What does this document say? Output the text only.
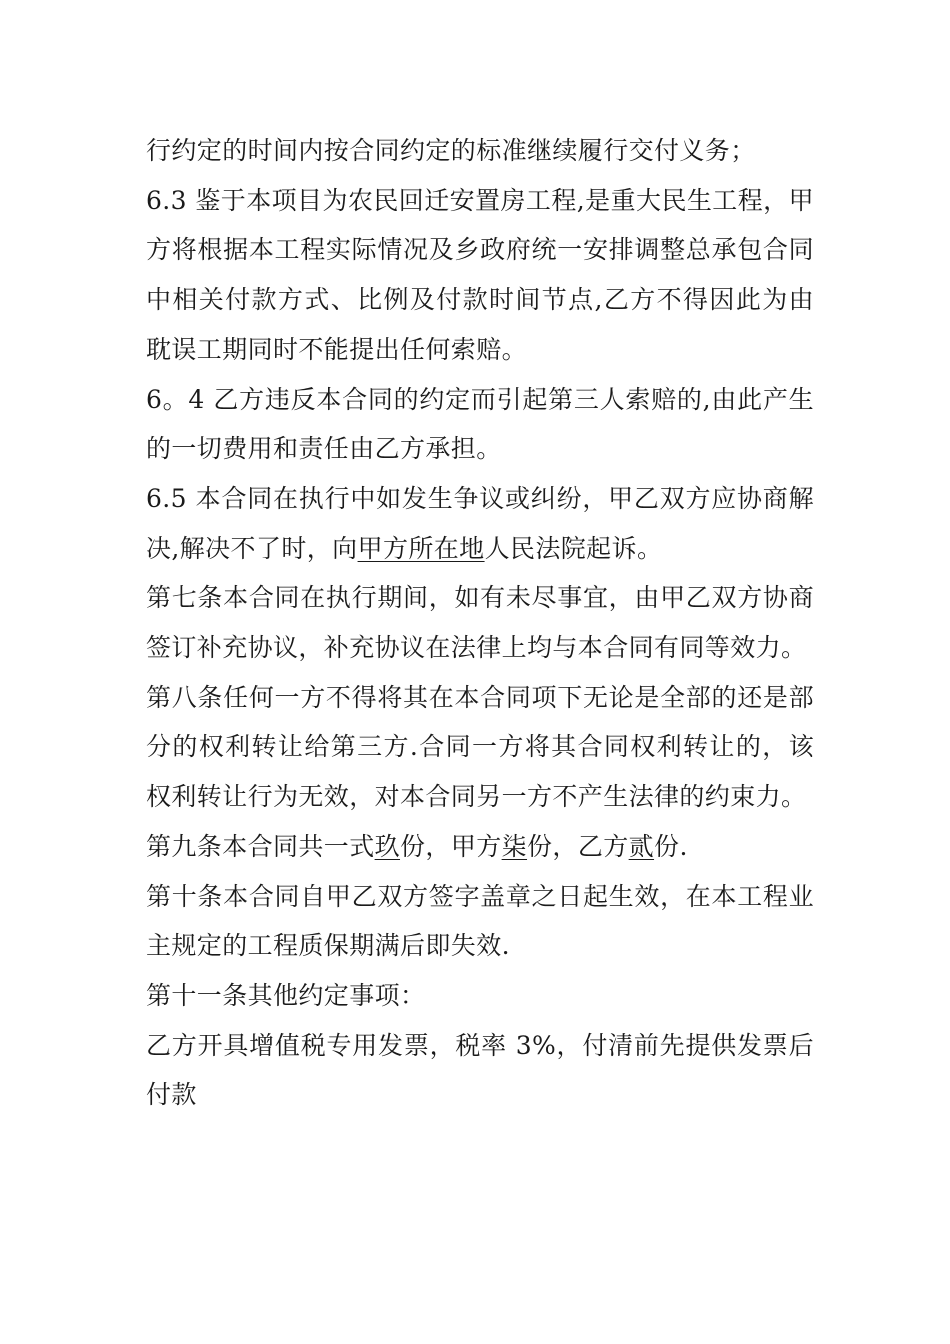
行约定的时间内按合同约定的标准继续履行交付义务；

6.3 鉴于本项目为农民回迁安置房工程,是重大民生工程，甲方将根据本工程实际情况及乡政府统一安排调整总承包合同中相关付款方式、比例及付款时间节点,乙方不得因此为由耽误工期同时不能提出任何索赔。

6。4 乙方违反本合同的约定而引起第三人索赔的,由此产生的一切费用和责任由乙方承担。

6.5 本合同在执行中如发生争议或纠纷，甲乙双方应协商解决,解决不了时，向甲方所在地人民法院起诉。

第七条本合同在执行期间，如有未尽事宜，由甲乙双方协商签订补充协议，补充协议在法律上均与本合同有同等效力。

第八条任何一方不得将其在本合同项下无论是全部的还是部分的权利转让给第三方.合同一方将其合同权利转让的，该权利转让行为无效，对本合同另一方不产生法律的约束力。

第九条本合同共一式玖份，甲方柒份，乙方贰份.

第十条本合同自甲乙双方签字盖章之日起生效，在本工程业主规定的工程质保期满后即失效.

第十一条其他约定事项：

乙方开具增值税专用发票，税率 3%，付清前先提供发票后付款
